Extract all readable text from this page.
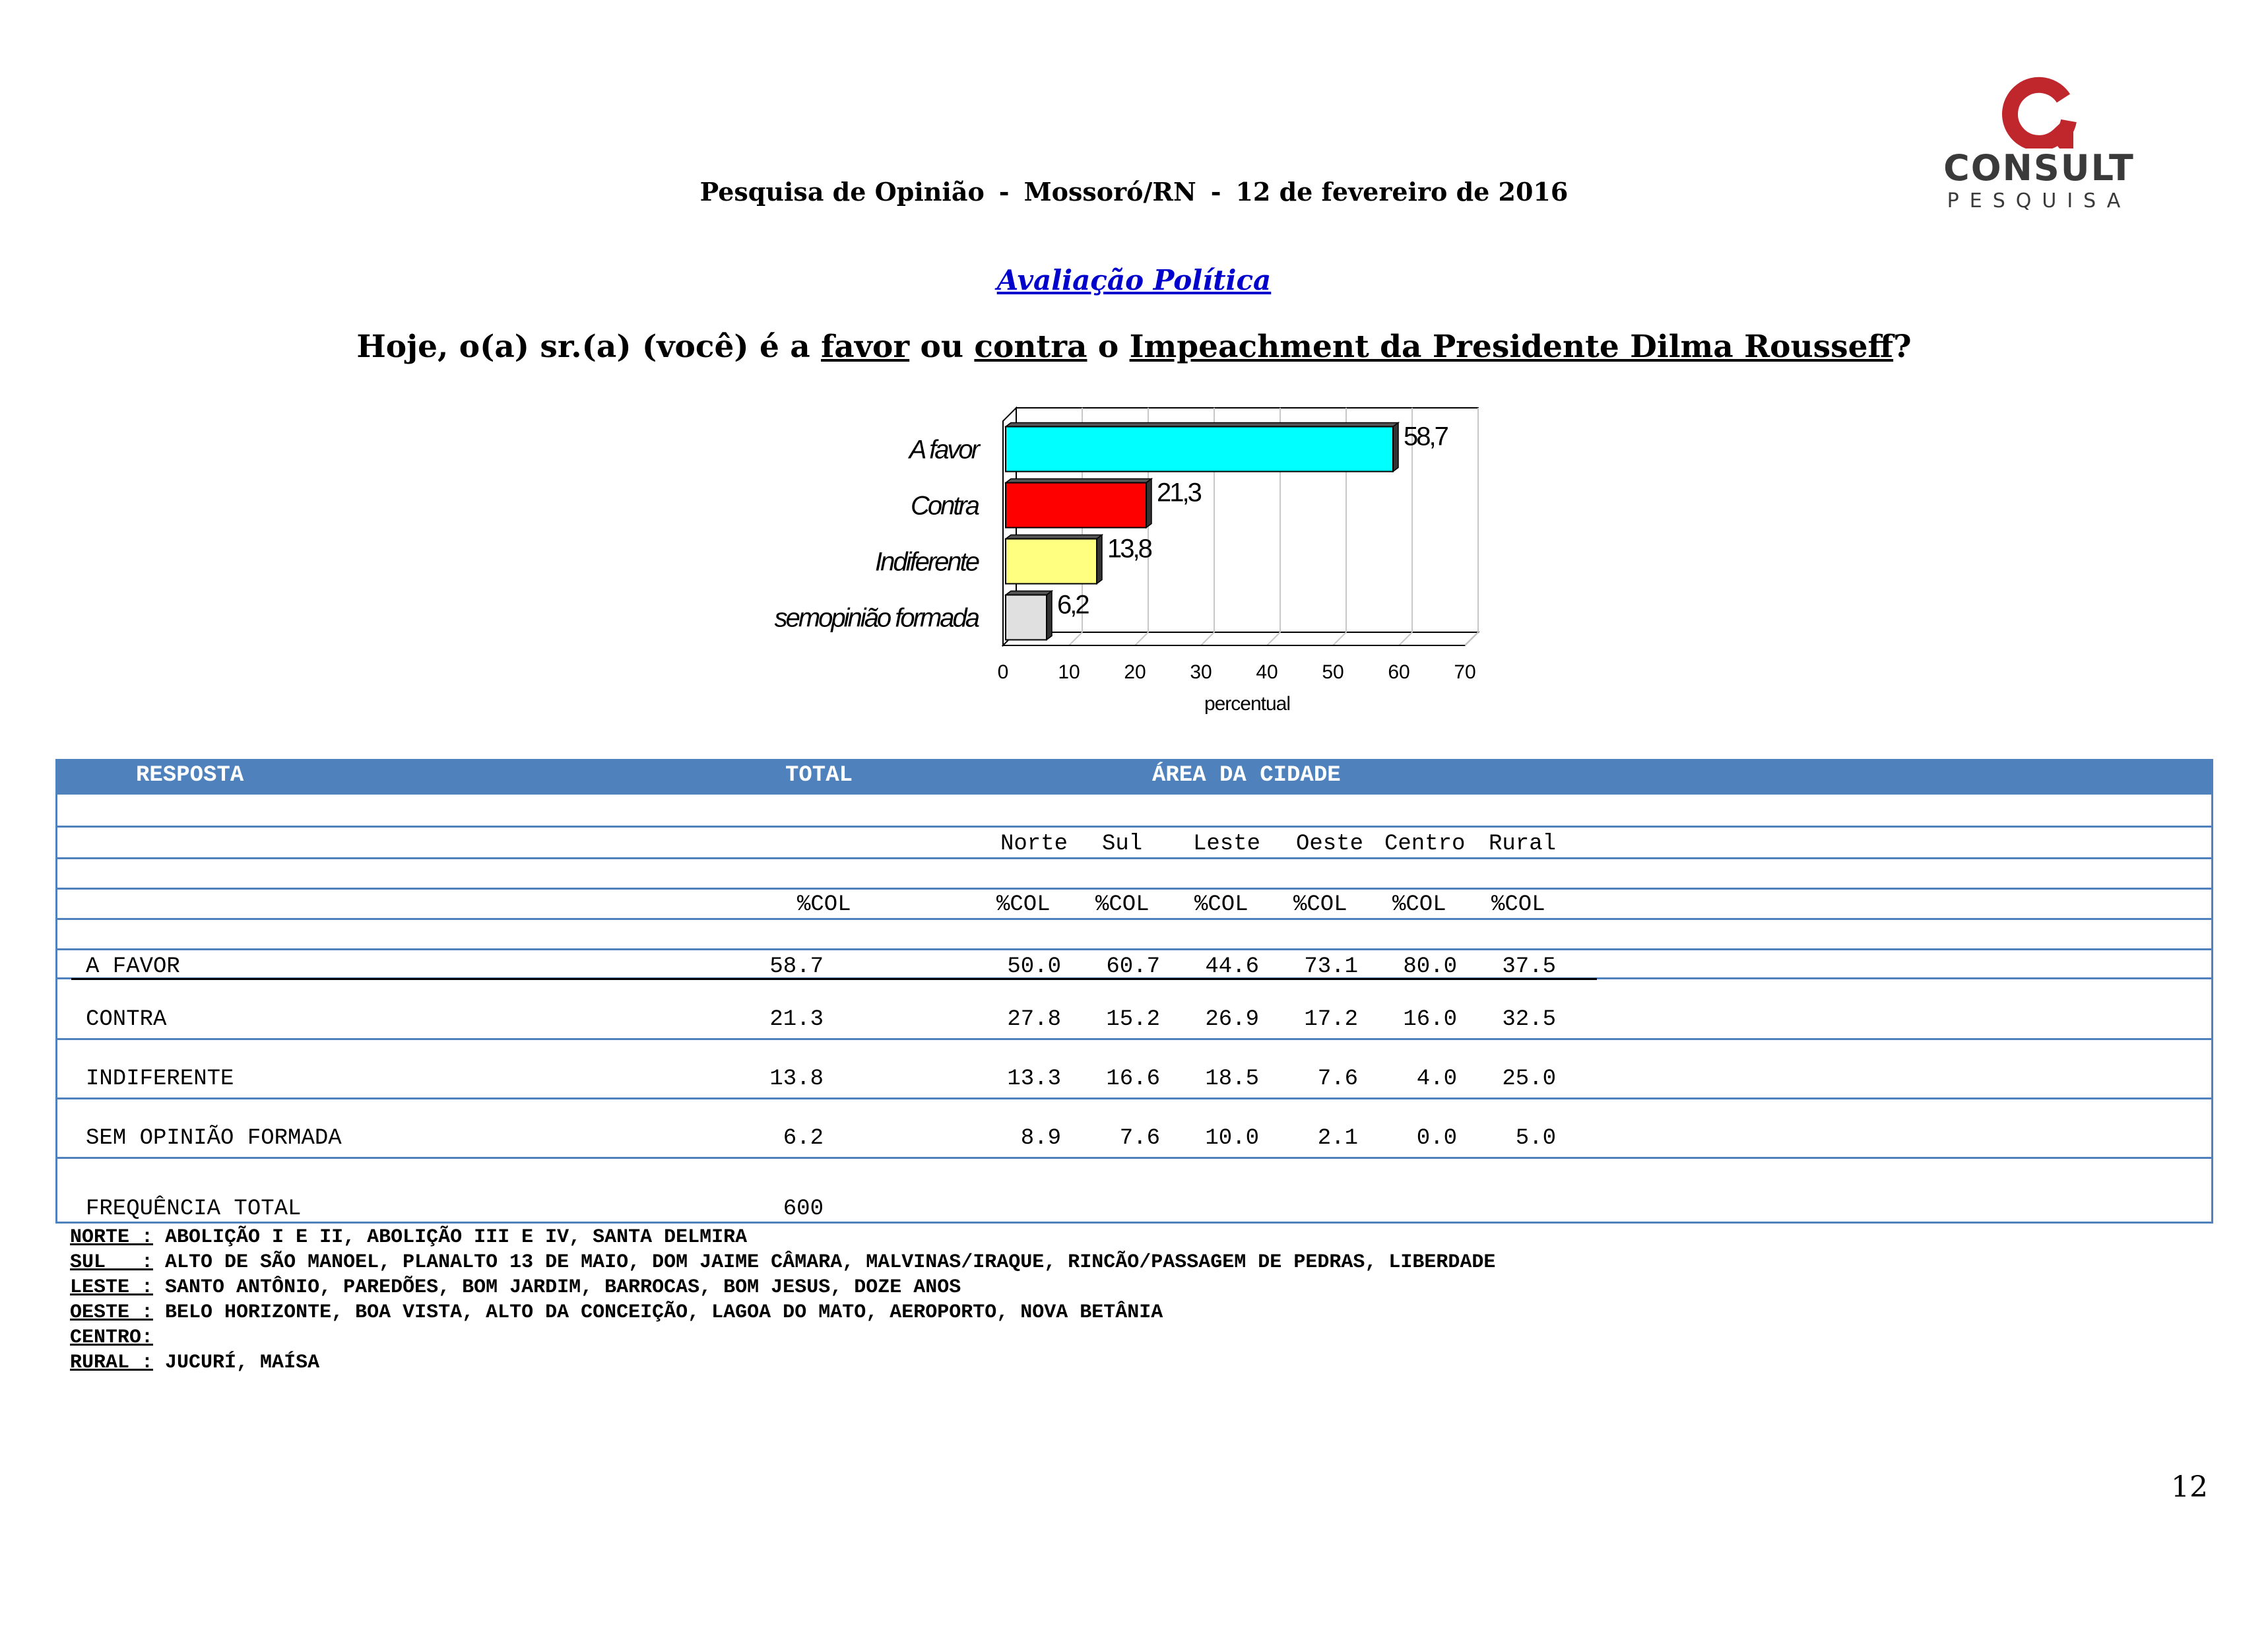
Pesquisa de Opinião - Mossoró/RN - 12 de fevereiro de 2016
CONSULT
PESQUISA
Avaliação Política
Hoje, o(a) sr.(a) (você) é a favor ou contra o Impeachment da Presidente Dilma Rousseff?
58,7
A favor
21,3
Contra
13,8
Indiferente
6,2
semopinião formada
0 10 20 30 40 50 60 70
percentual
RESPOSTA	TOTAL	ÁREA DA CIDADE
Norte Sul Leste Oeste Centro Rural
%COL	%COL %COL %COL %COL %COL %COL
A FAVOR	58.7	50.0	60.7	44.6	73.1	80.0	37.5
CONTRA	21.3	27.8	15.2	26.9	17.2	16.0	32.5
INDIFERENTE	13.8	13.3	16.6	18.5	7.6	4.0	25.0
SEM OPINIÃO FORMADA	6.2	8.9	7.6	10.0	2.1	0.0	5.0
FREQUÊNCIA TOTAL	600
NORTE : ABOLIÇÃO I E II, ABOLIÇÃO III E IV, SANTA DELMIRA
SUL   : ALTO DE SÃO MANOEL, PLANALTO 13 DE MAIO, DOM JAIME CÂMARA, MALVINAS/IRAQUE, RINCÃO/PASSAGEM DE PEDRAS, LIBERDADE
LESTE : SANTO ANTÔNIO, PAREDÕES, BOM JARDIM, BARROCAS, BOM JESUS, DOZE ANOS
OESTE : BELO HORIZONTE, BOA VISTA, ALTO DA CONCEIÇÃO, LAGOA DO MATO, AEROPORTO, NOVA BETÂNIA
CENTRO:
RURAL : JUCURÍ, MAÍSA
12
